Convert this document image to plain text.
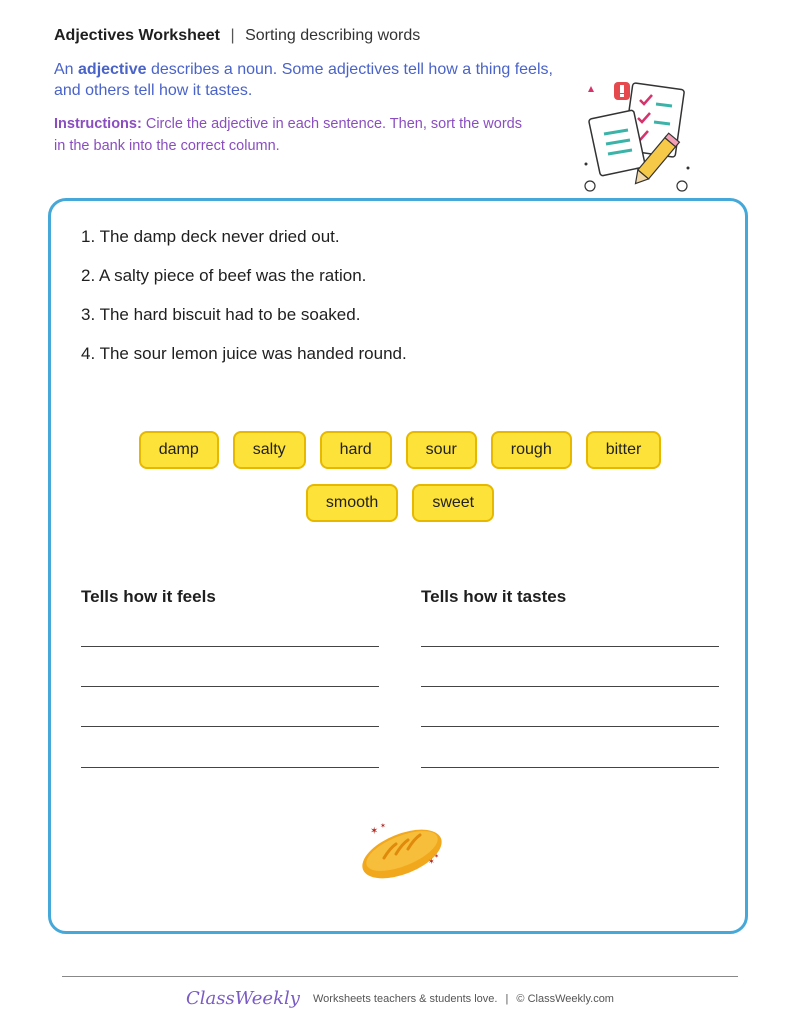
Adjectives Worksheet | Sorting describing words
An adjective describes a noun. Some adjectives tell how a thing feels, and others tell how it tastes.
Instructions: Circle the adjective in each sentence. Then, sort the words in the bank into the correct column.
1. The damp deck never dried out.
2. A salty piece of beef was the ration.
3. The hard biscuit had to be soaked.
4. The sour lemon juice was handed round.
damp	salty	hard	sour	rough	bitter
smooth	sweet
Tells how it feels	Tells how it tastes
✶ ✶
✶
✶
ClassWeekly Worksheets teachers & students love. | © ClassWeekly.com
